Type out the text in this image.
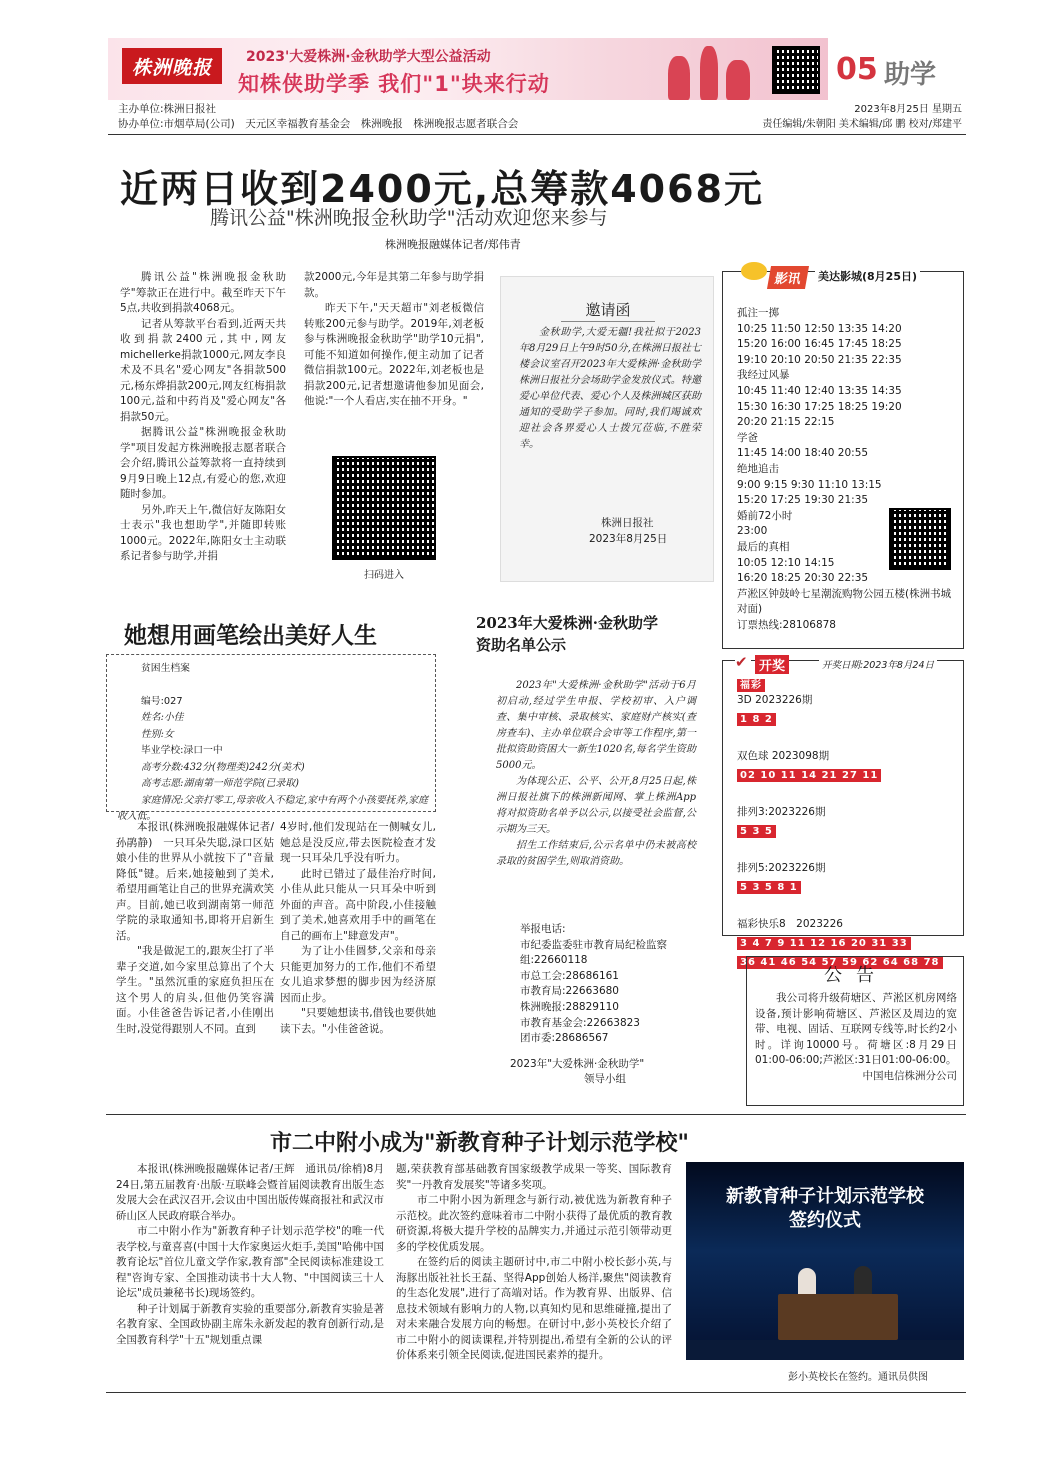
株洲晚报	2023'大爱株洲·金秋助学大型公益活动
知株侠助学季 我们"1"块来行动	05 助学
主办单位:株洲日报社
协办单位:市烟草局(公司)　天元区幸福教育基金会　株洲晚报　株洲晚报志愿者联合会
2023年8月25日 星期五
责任编辑/朱朝阳 美术编辑/邱 鹏 校对/郑建平
近两日收到2400元,总筹款4068元
腾讯公益"株洲晚报金秋助学"活动欢迎您来参与
株洲晚报融媒体记者/郑伟青
腾讯公益"株洲晚报金秋助学"筹款正在进行中。截至昨天下午5点,共收到捐款4068元。
记者从筹款平台看到,近两天共收到捐款2400元,其中,网友michellerke捐款1000元,网友李良术及不具名"爱心网友"各捐款500元,杨东烨捐款200元,网友红梅捐款100元,益和中药肖及"爱心网友"各捐款50元。
据腾讯公益"株洲晚报金秋助学"项目发起方株洲晚报志愿者联合会介绍,腾讯公益筹款将一直持续到9月9日晚上12点,有爱心的您,欢迎随时参加。
另外,昨天上午,微信好友陈阳女士表示"我也想助学",并随即转账1000元。2022年,陈阳女士主动联系记者参与助学,并捐
款2000元,今年是其第二年参与助学捐款。
昨天下午,"天天超市"刘老板微信转账200元参与助学。2019年,刘老板参与株洲晚报金秋助学"助学10元捐",可能不知道如何操作,便主动加了记者微信捐款100元。2022年,刘老板也是捐款200元,记者想邀请他参加见面会,他说:"一个人看店,实在抽不开身。"
扫码进入
邀请函
金秋助学,大爱无疆!我社拟于2023年8月29日上午9时50分,在株洲日报社七楼会议室召开2023年大爱株洲·金秋助学株洲日报社分会场助学金发放仪式。特邀爱心单位代表、爱心个人及株洲城区获助通知的受助学子参加。同时,我们竭诚欢迎社会各界爱心人士拨冗莅临,不胜荣幸。
株洲日报社
2023年8月25日
影讯	美达影城(8月25日)
孤注一掷
10:25 11:50 12:50 13:35 14:20
15:20 16:00 16:45 17:45 18:25
19:10 20:10 20:50 21:35 22:35
我经过风暴
10:45 11:40 12:40 13:35 14:35
15:30 16:30 17:25 18:25 19:20
20:20 21:15 22:15
学爸
11:45 14:00 18:40 20:55
绝地追击
9:00 9:15 9:30 11:10 13:15
15:20 17:25 19:30 21:35
婚前72小时
23:00
最后的真相
10:05 12:10 14:15
16:20 18:25 20:30 22:35
芦淞区钟鼓岭七星潮流购物公园五楼(株洲书城对面)
订票热线:28106878
✔ 开奖	开奖日期:2023年8月24日
福彩
3D 2023226期
1 8 2
双色球 2023098期
02 10 11 14 21 27 11
排列3:2023226期
5 3 5
排列5:2023226期
5 3 5 8 1
福彩快乐8　2023226
3 4 7 9 11 12 16 20 31 33 36 41 46 54 57 59 62 64 68 78
公告
我公司将升级荷塘区、芦淞区机房网络设备,预计影响荷塘区、芦淞区及周边的宽带、电视、固话、互联网专线等,时长约2小时。详询10000号。荷塘区:8月29日01:00-06:00;芦淞区:31日01:00-06:00。
中国电信株洲分公司
她想用画笔绘出美好人生
贫困生档案
编号:027
姓名:小佳
性别:女
毕业学校:渌口一中
高考分数:432分(物理类)242分(美术)
高考志愿:湖南第一师范学院(已录取)
家庭情况:父亲打零工,母亲收入不稳定,家中有两个小孩要抚养,家庭收入低。
本报讯(株洲晚报融媒体记者/孙鹃静)　一只耳朵失聪,渌口区姑娘小佳的世界从小就按下了"音量降低"键。后来,她接触到了美术,希望用画笔让自己的世界充满欢笑声。目前,她已收到湖南第一师范学院的录取通知书,即将开启新生活。
"我是做泥工的,跟灰尘打了半辈子交道,如今家里总算出了个大学生。"虽然沉重的家庭负担压在这个男人的肩头,但他仍笑容满面。小佳爸爸告诉记者,小佳刚出生时,没觉得跟别人不同。直到
4岁时,他们发现站在一侧喊女儿,她总是没反应,带去医院检查才发现一只耳朵几乎没有听力。
此时已错过了最佳治疗时间,小佳从此只能从一只耳朵中听到外面的声音。高中阶段,小佳接触到了美术,她喜欢用手中的画笔在自己的画布上"肆意发声"。
为了让小佳圆梦,父亲和母亲只能更加努力的工作,他们不希望女儿追求梦想的脚步因为经济原因而止步。
"只要她想读书,借钱也要供她读下去。"小佳爸爸说。
2023年大爱株洲·金秋助学
资助名单公示
2023年"大爱株洲·金秋助学"活动于6月初启动,经过学生申报、学校初审、入户调查、集中审核、录取核实、家庭财产核实(查房查车)、主办单位联合会审等工作程序,第一批拟资助资困大一新生1020名,每名学生资助5000元。
为体现公正、公平、公开,8月25日起,株洲日报社旗下的株洲新闻网、掌上株洲App将对拟资助名单予以公示,以接受社会监督,公示期为三天。
招生工作结束后,公示名单中仍未被高校录取的贫困学生,则取消资助。
举报电话:
市纪委监委驻市教育局纪检监察组:22660118
市总工会:28686161
市教育局:22663680
株洲晚报:28829110
市教育基金会:22663823
团市委:28686567
2023年"大爱株洲·金秋助学"
领导小组
市二中附小成为"新教育种子计划示范学校"
本报讯(株洲晚报融媒体记者/王辉　通讯员/徐梢)8月24日,第五届教育·出版·互联峰会暨首届阅读教育出版生态发展大会在武汉召开,会议由中国出版传媒商报社和武汉市硚山区人民政府联合举办。
市二中附小作为"新教育种子计划示范学校"的唯一代表学校,与童喜喜(中国十大作家奥运火炬手,美国"哈佛中国教育论坛"首位儿童文学作家,教育部"全民阅读标准建设工程"咨询专家、全国推动读书十大人物、"中国阅读三十人论坛"成员兼秘书长)现场签约。
种子计划属于新教育实验的重要部分,新教育实验是著名教育家、全国政协副主席朱永新发起的教育创新行动,是全国教育科学"十五"规划重点课
题,荣获教育部基础教育国家级教学成果一等奖、国际教育奖"一丹教育发展奖"等诸多奖项。
市二中附小因为新理念与新行动,被优选为新教育种子示范校。此次签约意味着市二中附小获得了最优质的教育教研资源,将极大提升学校的品牌实力,并通过示范引领带动更多的学校优质发展。
在签约后的阅读主题研讨中,市二中附小校长彭小英,与海豚出版社社长王磊、坚得App创始人杨洋,聚焦"阅读教育的生态化发展",进行了高端对话。作为教育界、出版界、信息技术领域有影响力的人物,以真知灼见和思维碰撞,提出了对未来融合发展方向的畅想。在研讨中,彭小英校长介绍了市二中附小的阅读课程,并特别提出,希望有全新的公认的评价体系来引领全民阅读,促进国民素养的提升。
新教育种子计划示范学校
签约仪式
彭小英校长在签约。通讯员供图
